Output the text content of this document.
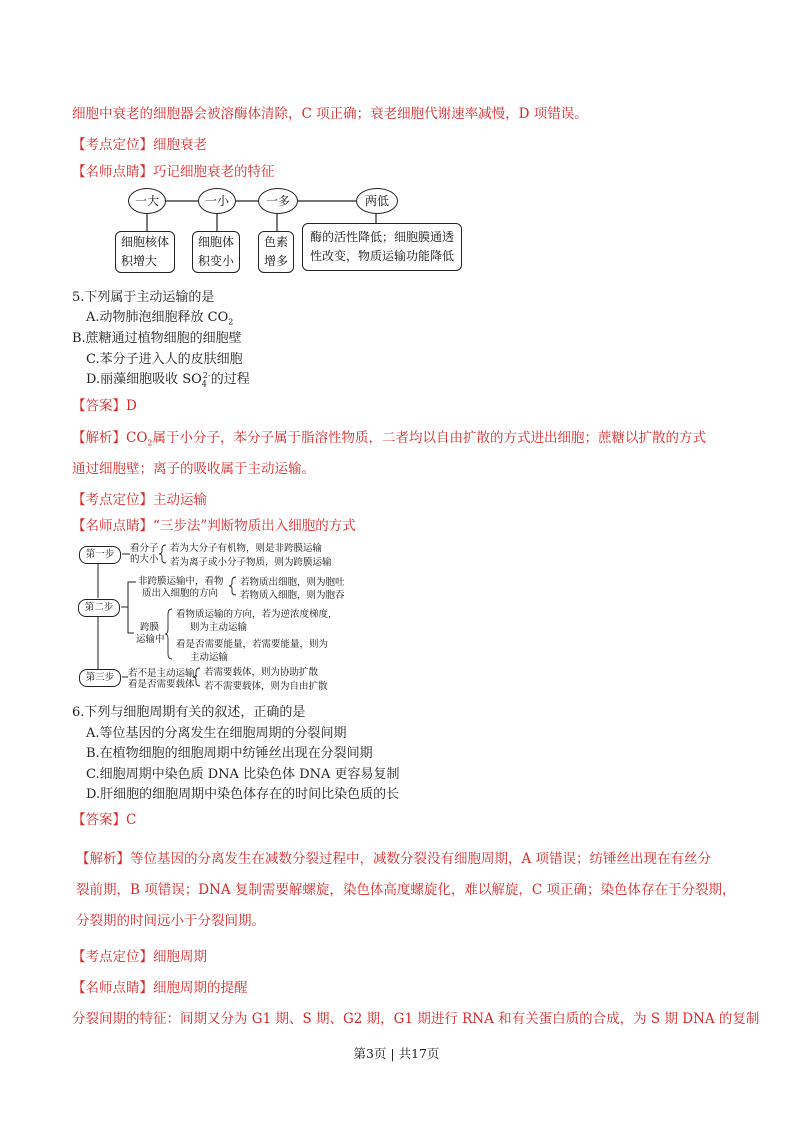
细胞中衰老的细胞器会被溶酶体清除，C 项正确；衰老细胞代谢速率减慢，D 项错误。
【考点定位】细胞衰老
【名师点睛】巧记细胞衰老的特征
一大	一小	一多	两低
细胞核体
积增大
细胞体
积变小
色素
增多
酶的活性降低；细胞膜通透
性改变，物质运输功能降低
5.下列属于主动运输的是
A.动物肺泡细胞释放 $CO_2$
B.蔗糖通过植物细胞的细胞壁
C.苯分子进入人的皮肤细胞
D.丽藻细胞吸收 $SO_4^{2-}$的过程
【答案】D
【解析】$CO_2$属于小分子，苯分子属于脂溶性物质，二者均以自由扩散的方式进出细胞；蔗糖以扩散的方式
通过细胞壁；离子的吸收属于主动运输。
【考点定位】主动运输
【名师点睛】“三步法”判断物质出入细胞的方式
第一步
第二步
第三步
看分子
的大小
若为大分子有机物，则是非跨膜运输
若为离子或小分子物质，则为跨膜运输
非跨膜运输中，看物
质出入细胞的方向
若物质出细胞，则为胞吐
若物质入细胞，则为胞吞
跨膜
运输中
看物质运输的方向，若为逆浓度梯度，
则为主动运输
看是否需要能量，若需要能量，则为
主动运输
若不是主动运输，
看是否需要载体
若需要载体，则为协助扩散
若不需要载体，则为自由扩散
6.下列与细胞周期有关的叙述，正确的是
A.等位基因的分离发生在细胞周期的分裂间期
B.在植物细胞的细胞周期中纺锤丝出现在分裂间期
C.细胞周期中染色质 DNA 比染色体 DNA 更容易复制
D.肝细胞的细胞周期中染色体存在的时间比染色质的长
【答案】C
【解析】等位基因的分离发生在减数分裂过程中，减数分裂没有细胞周期，A 项错误；纺锤丝出现在有丝分
裂前期，B 项错误；DNA 复制需要解螺旋，染色体高度螺旋化，难以解旋，C 项正确；染色体存在于分裂期，
分裂期的时间远小于分裂间期。
【考点定位】细胞周期
【名师点睛】细胞周期的提醒
分裂间期的特征：间期又分为 G1 期、S 期、G2 期，G1 期进行 RNA 和有关蛋白质的合成，为 S 期 DNA 的复制
第3页 | 共17页
